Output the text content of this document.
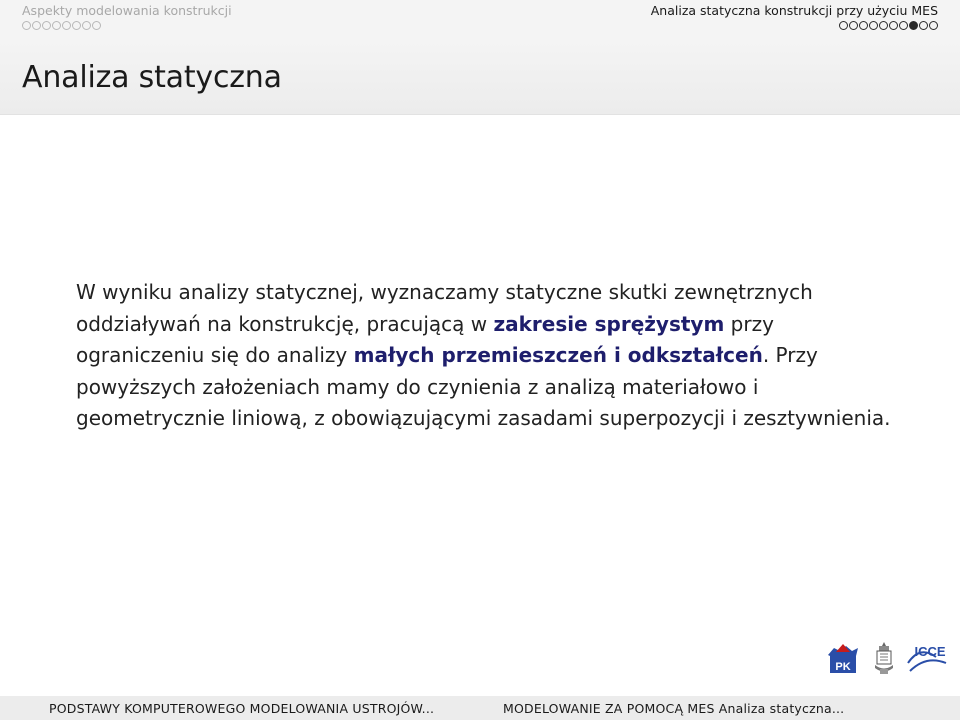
Aspekty modelowania konstrukcji	Analiza statyczna konstrukcji przy użyciu MES
Analiza statyczna

W wyniku analizy statycznej, wyznaczamy statyczne skutki zewnętrznych oddziaływań na konstrukcję, pracującą w zakresie sprężystym przy ograniczeniu się do analizy małych przemieszczeń i odkształceń. Przy powyższych założeniach mamy do czynienia z analizą materiałowo i geometrycznie liniową, z obowiązującymi zasadami superpozycji i zesztywnienia.

PK
ICCE
PODSTAWY KOMPUTEROWEGO MODELOWANIA USTROJÓW...	MODELOWANIE ZA POMOCĄ MES Analiza statyczna...
